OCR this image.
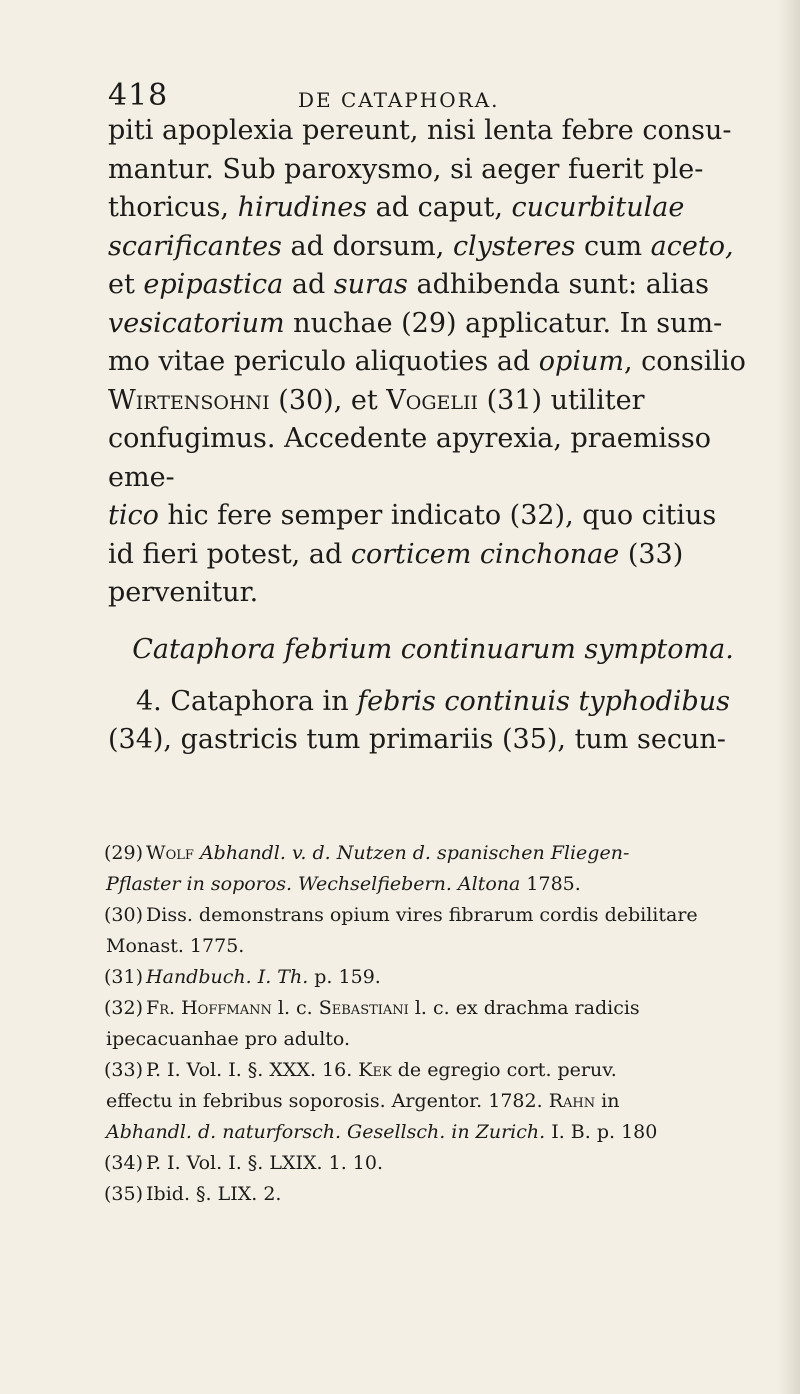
418	DE CATAPHORA.

piti apoplexia pereunt, nisi lenta febre consu-

mantur. Sub paroxysmo, si aeger fuerit ple-

thoricus, hirudines ad caput, cucurbitulae

scarificantes ad dorsum, clysteres cum aceto,

et epipastica ad suras adhibenda sunt: alias

vesicatorium nuchae (29) applicatur. In sum-

mo vitae periculo aliquoties ad opium, consilio

Wirtensohni (30), et Vogelii (31) utiliter

confugimus. Accedente apyrexia, praemisso eme-

tico hic fere semper indicato (32), quo citius

id fieri potest, ad corticem cinchonae (33)

pervenitur.

Cataphora febrium continuarum symptoma.

4. Cataphora in febris continuis typhodibus

(34), gastricis tum primariis (35), tum secun-

(29) Wolf Abhandl. v. d. Nutzen d. spanischen Fliegen-
Pflaster in soporos. Wechselfiebern. Altona 1785.
(30) Diss. demonstrans opium vires fibrarum cordis debilitare
Monast. 1775.
(31) Handbuch. I. Th. p. 159.
(32) Fr. Hoffmann l. c. Sebastiani l. c. ex drachma radicis
ipecacuanhae pro adulto.
(33) P. I. Vol. I. §. XXX. 16. Kek de egregio cort. peruv.
effectu in febribus soporosis. Argentor. 1782. Rahn in
Abhandl. d. naturforsch. Gesellsch. in Zurich. I. B. p. 180
(34) P. I. Vol. I. §. LXIX. 1. 10.
(35) Ibid. §. LIX. 2.
